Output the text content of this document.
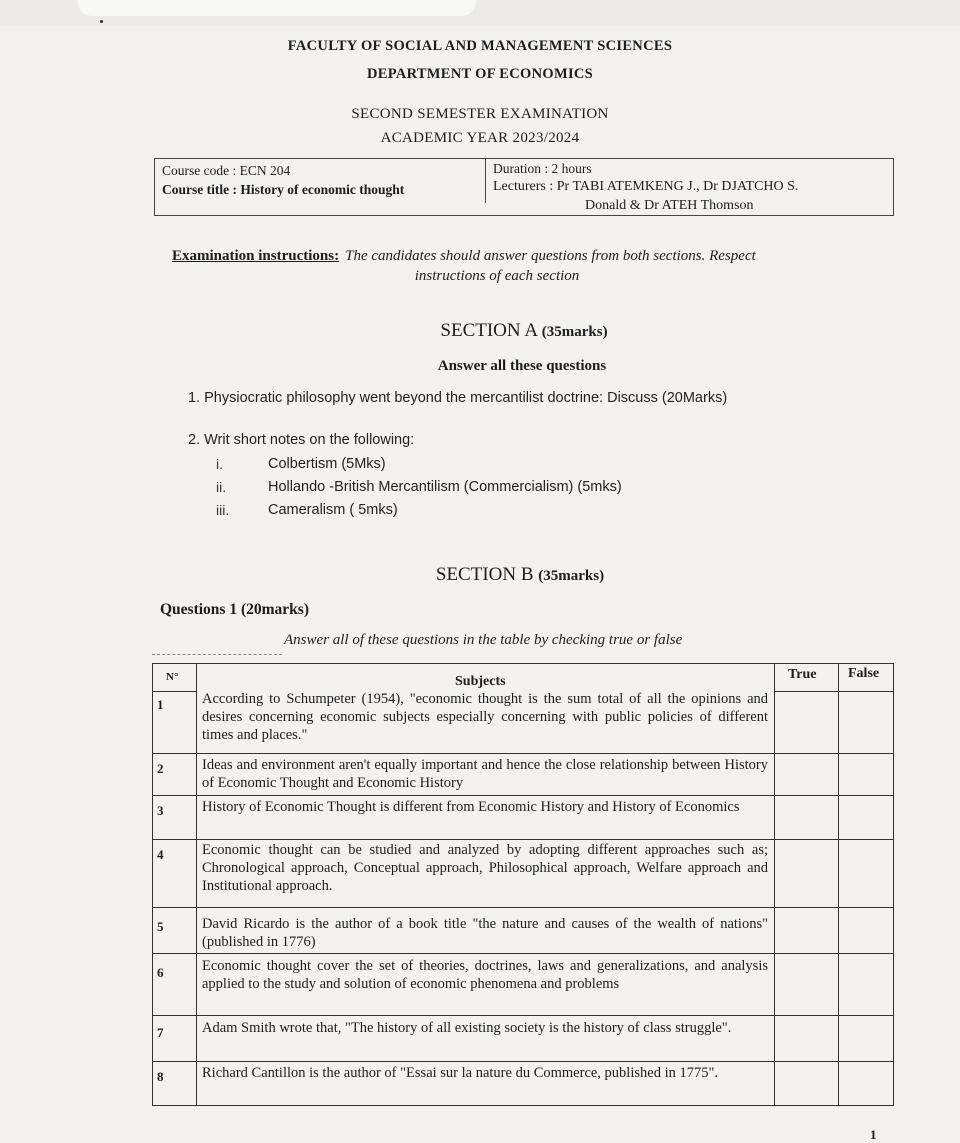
FACULTY OF SOCIAL AND MANAGEMENT SCIENCES
DEPARTMENT OF ECONOMICS
SECOND SEMESTER EXAMINATION
ACADEMIC YEAR 2023/2024
Course code : ECN 204
Course title : History of economic thought
Duration : 2 hours
Lecturers : Pr TABI ATEMKENG J., Dr DJATCHO S.
Donald & Dr ATEH Thomson
Examination instructions: The candidates should answer questions from both sections. Respect
instructions of each section
SECTION A (35marks)
Answer all these questions
1. Physiocratic philosophy went beyond the mercantilist doctrine: Discuss (20Marks)
2. Writ short notes on the following:
i.	Colbertism (5Mks)
ii.	Hollando -British Mercantilism (Commercialism) (5mks)
iii.	Cameralism ( 5mks)
SECTION B (35marks)
Questions 1 (20marks)
Answer all of these questions in the table by checking true or false
N°	Subjects	True False
1	According to Schumpeter (1954), "economic thought is the sum total of all the opinions and desires concerning economic subjects especially concerning with public policies of different times and places."
2	Ideas and environment aren't equally important and hence the close relationship between History of Economic Thought and Economic History
3	History of Economic Thought is different from Economic History and History of Economics
4	Economic thought can be studied and analyzed by adopting different approaches such as; Chronological approach, Conceptual approach, Philosophical approach, Welfare approach and Institutional approach.
5	David Ricardo is the author of a book title "the nature and causes of the wealth of nations" (published in 1776)
6	Economic thought cover the set of theories, doctrines, laws and generalizations, and analysis applied to the study and solution of economic phenomena and problems
7	Adam Smith wrote that, "The history of all existing society is the history of class struggle".
8	Richard Cantillon is the author of "Essai sur la nature du Commerce, published in 1775".
1
